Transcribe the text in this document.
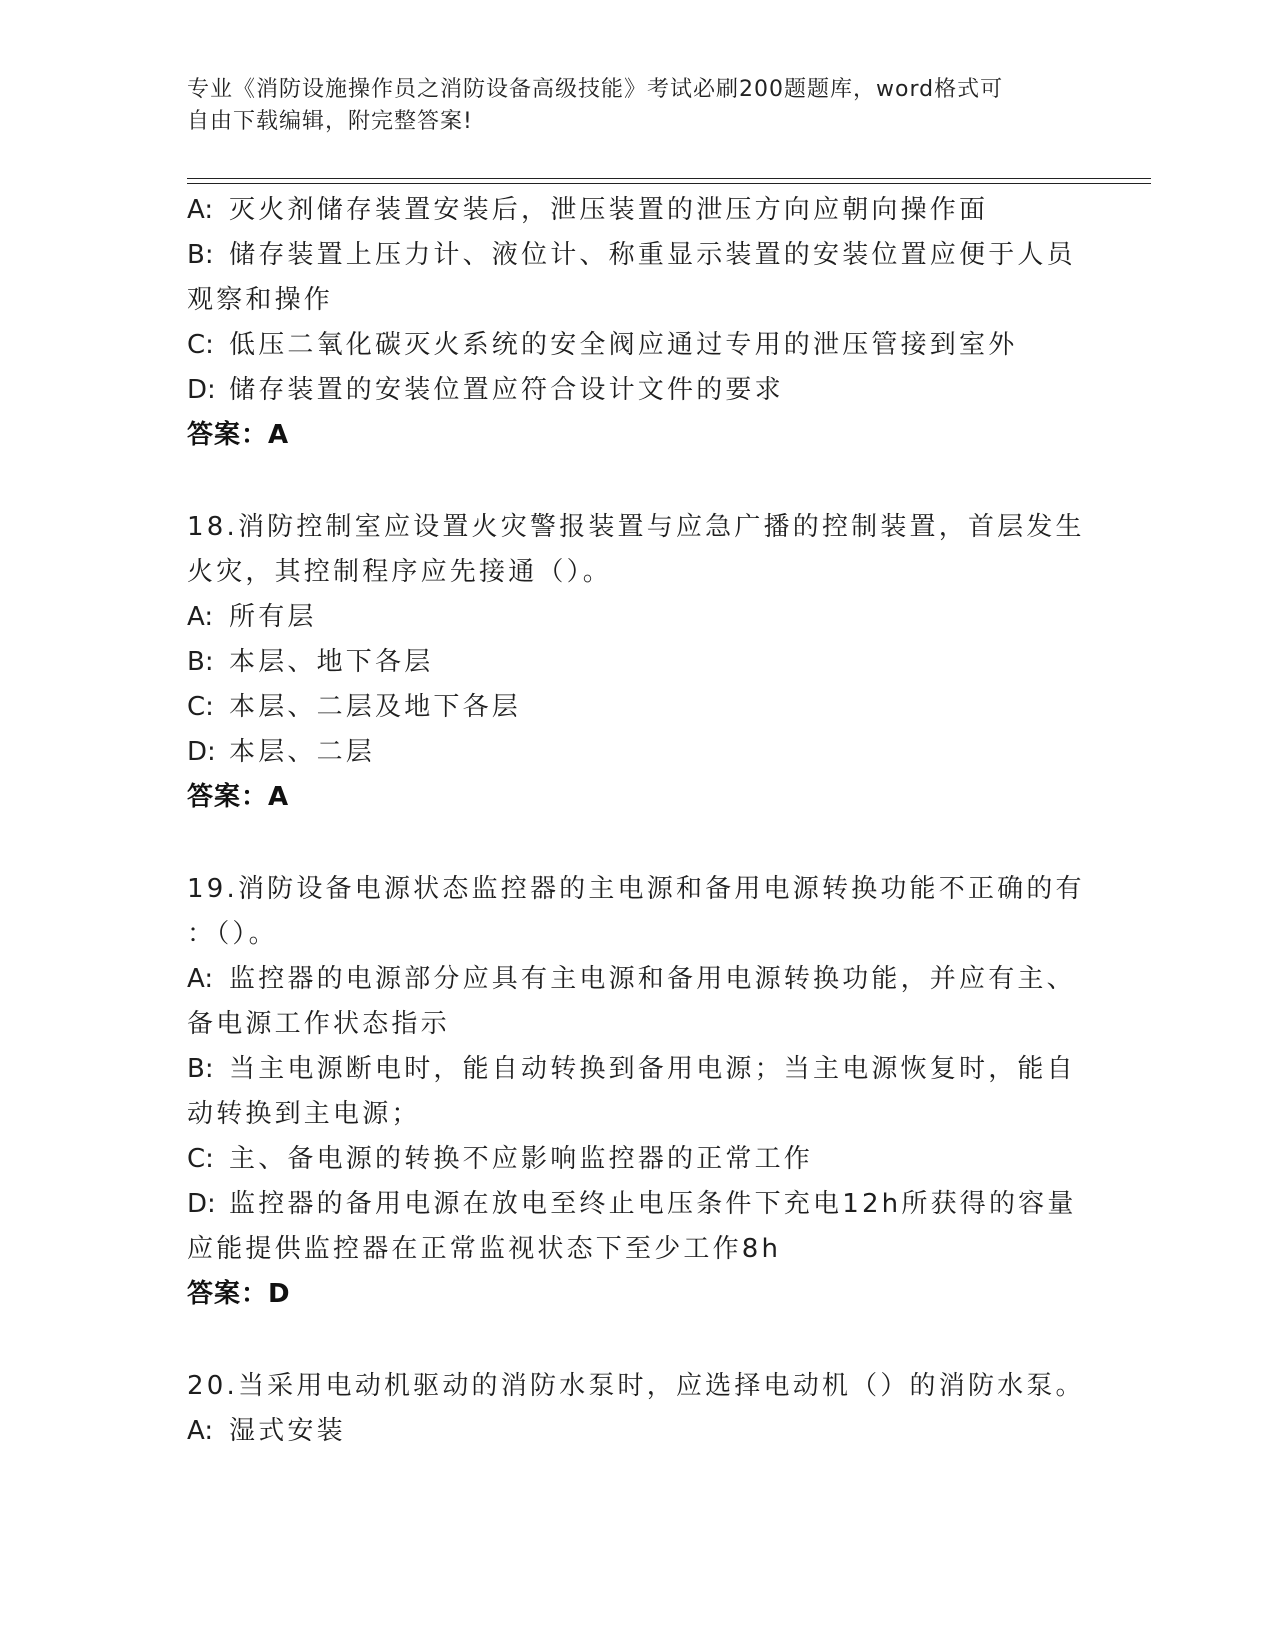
专业《消防设施操作员之消防设备高级技能》考试必刷200题题库，word格式可
自由下载编辑，附完整答案!
A: 灭火剂储存装置安装后，泄压装置的泄压方向应朝向操作面
B: 储存装置上压力计、液位计、称重显示装置的安装位置应便于人员
观察和操作
C: 低压二氧化碳灭火系统的安全阀应通过专用的泄压管接到室外
D: 储存装置的安装位置应符合设计文件的要求
答案：A
18.消防控制室应设置火灾警报装置与应急广播的控制装置，首层发生
火灾，其控制程序应先接通（）。
A: 所有层
B: 本层、地下各层
C: 本层、二层及地下各层
D: 本层、二层
答案：A
19.消防设备电源状态监控器的主电源和备用电源转换功能不正确的有
：（）。
A: 监控器的电源部分应具有主电源和备用电源转换功能，并应有主、
备电源工作状态指示
B: 当主电源断电时，能自动转换到备用电源；当主电源恢复时，能自
动转换到主电源；
C: 主、备电源的转换不应影响监控器的正常工作
D: 监控器的备用电源在放电至终止电压条件下充电12h所获得的容量
应能提供监控器在正常监视状态下至少工作8h
答案：D
20.当采用电动机驱动的消防水泵时，应选择电动机（）的消防水泵。
A: 湿式安装
